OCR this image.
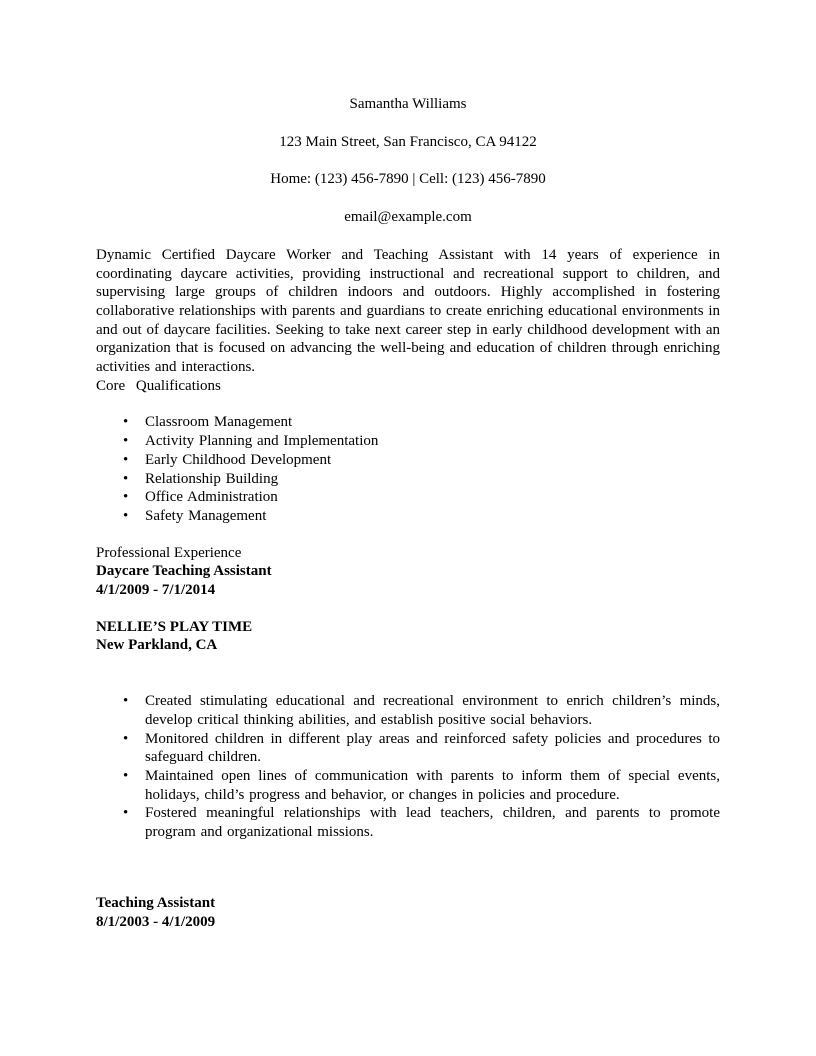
Samantha Williams
123 Main Street, San Francisco, CA 94122
Home: (123) 456-7890 | Cell: (123) 456-7890
email@example.com

Dynamic Certified Daycare Worker and Teaching Assistant with 14 years of experience in coordinating daycare activities, providing instructional and recreational support to children, and supervising large groups of children indoors and outdoors. Highly accomplished in fostering collaborative relationships with parents and guardians to create enriching educational environments in and out of daycare facilities. Seeking to take next career step in early childhood development with an organization that is focused on advancing the well-being and education of children through enriching activities and interactions.

Core Qualifications
• Classroom Management
• Activity Planning and Implementation
• Early Childhood Development
• Relationship Building
• Office Administration
• Safety Management
Professional Experience
Daycare Teaching Assistant
4/1/2009 - 7/1/2014
NELLIE’S PLAY TIME
New Parkland, CA
• Created stimulating educational and recreational environment to enrich children’s minds, develop critical thinking abilities, and establish positive social behaviors.
• Monitored children in different play areas and reinforced safety policies and procedures to safeguard children.
• Maintained open lines of communication with parents to inform them of special events, holidays, child’s progress and behavior, or changes in policies and procedure.
• Fostered meaningful relationships with lead teachers, children, and parents to promote program and organizational missions.
Teaching Assistant
8/1/2003 - 4/1/2009
